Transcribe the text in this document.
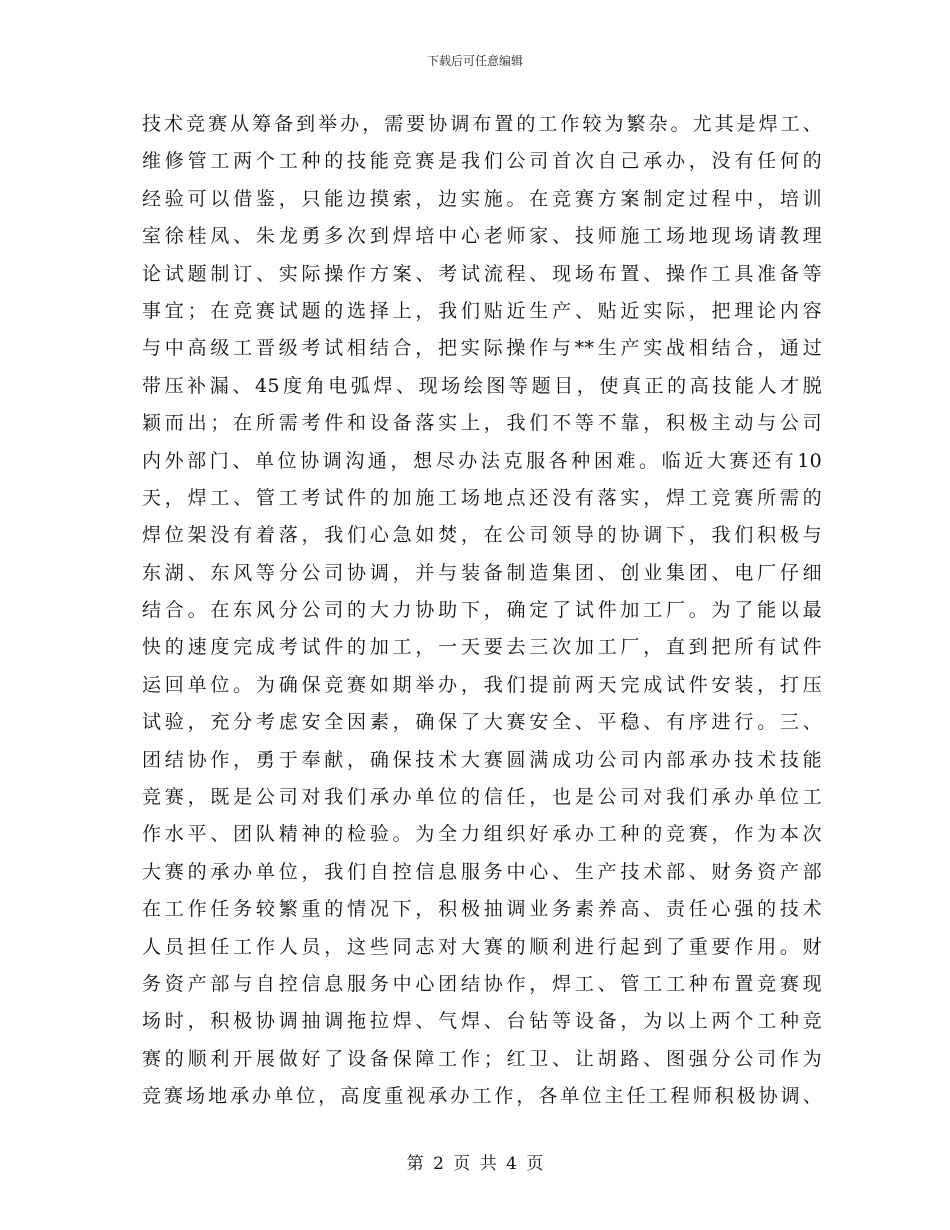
下载后可任意编辑
技术竞赛从筹备到举办，需要协调布置的工作较为繁杂。尤其是焊工、
维修管工两个工种的技能竞赛是我们公司首次自己承办，没有任何的
经验可以借鉴，只能边摸索，边实施。在竞赛方案制定过程中，培训
室徐桂凤、朱龙勇多次到焊培中心老师家、技师施工场地现场请教理
论试题制订、实际操作方案、考试流程、现场布置、操作工具准备等
事宜；在竞赛试题的选择上，我们贴近生产、贴近实际，把理论内容
与中高级工晋级考试相结合，把实际操作与**生产实战相结合，通过
带压补漏、45度角电弧焊、现场绘图等题目，使真正的高技能人才脱
颖而出；在所需考件和设备落实上，我们不等不靠，积极主动与公司
内外部门、单位协调沟通，想尽办法克服各种困难。临近大赛还有10
天，焊工、管工考试件的加施工场地点还没有落实，焊工竞赛所需的
焊位架没有着落，我们心急如焚，在公司领导的协调下，我们积极与
东湖、东风等分公司协调，并与装备制造集团、创业集团、电厂仔细
结合。在东风分公司的大力协助下，确定了试件加工厂。为了能以最
快的速度完成考试件的加工，一天要去三次加工厂，直到把所有试件
运回单位。为确保竞赛如期举办，我们提前两天完成试件安装，打压
试验，充分考虑安全因素，确保了大赛安全、平稳、有序进行。三、
团结协作，勇于奉献，确保技术大赛圆满成功公司内部承办技术技能
竞赛，既是公司对我们承办单位的信任，也是公司对我们承办单位工
作水平、团队精神的检验。为全力组织好承办工种的竞赛，作为本次
大赛的承办单位，我们自控信息服务中心、生产技术部、财务资产部
在工作任务较繁重的情况下，积极抽调业务素养高、责任心强的技术
人员担任工作人员，这些同志对大赛的顺利进行起到了重要作用。财
务资产部与自控信息服务中心团结协作，焊工、管工工种布置竞赛现
场时，积极协调抽调拖拉焊、气焊、台钻等设备，为以上两个工种竞
赛的顺利开展做好了设备保障工作；红卫、让胡路、图强分公司作为
竞赛场地承办单位，高度重视承办工作，各单位主任工程师积极协调、
第 2 页 共 4 页
